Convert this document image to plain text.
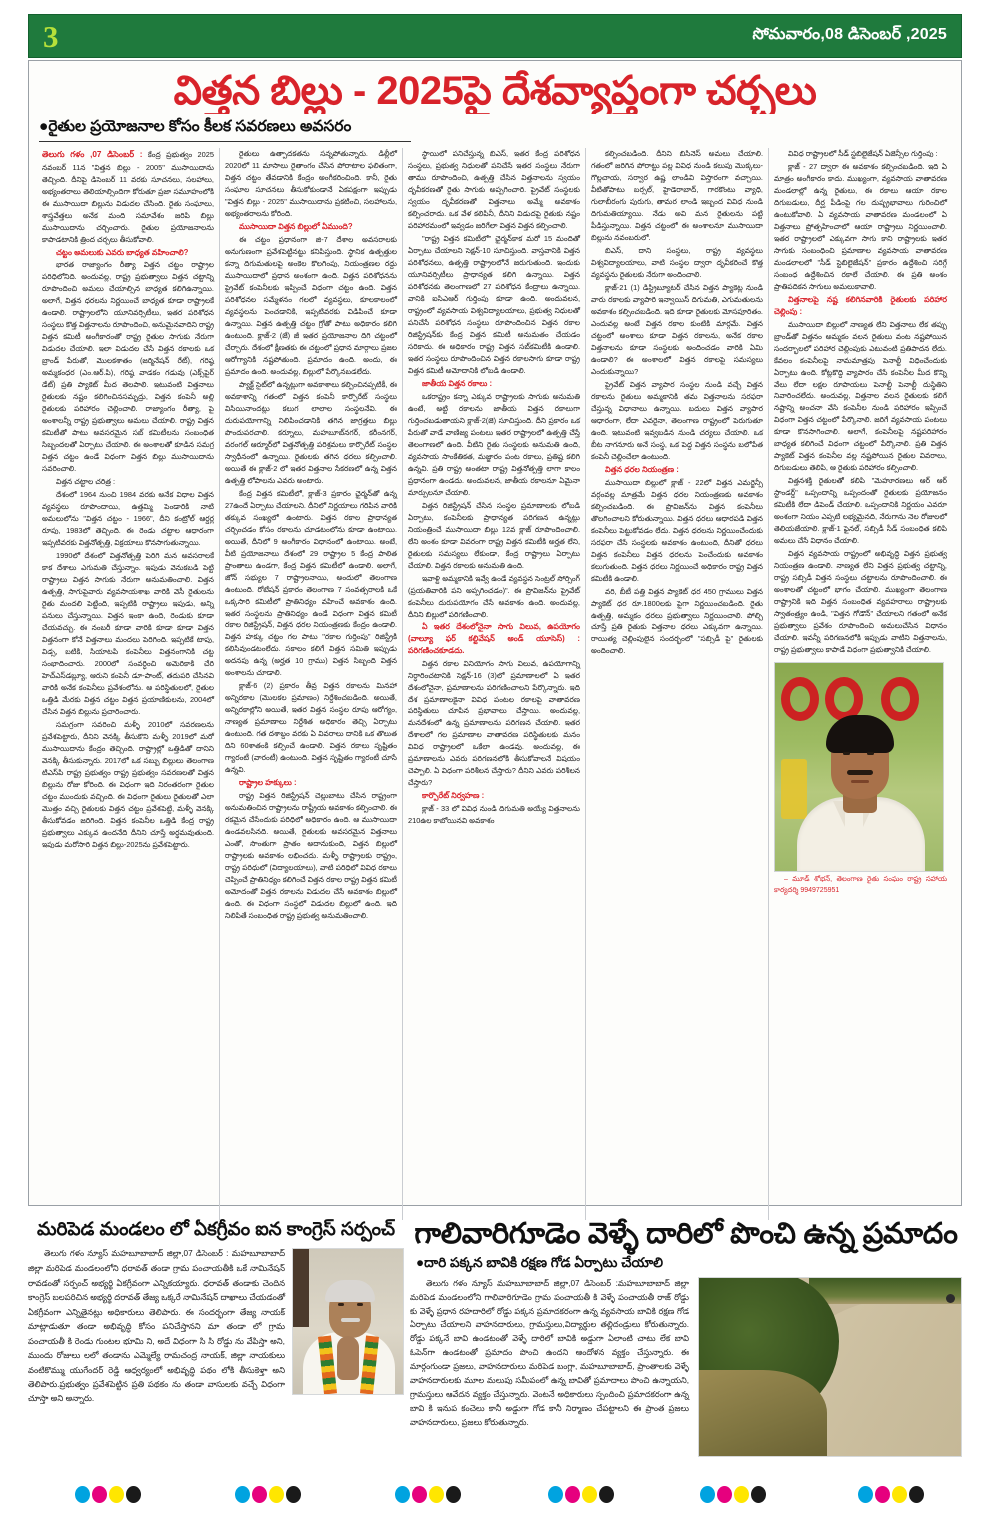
3	సోమవారం,08 డిసెంబర్ ,2025
విత్తన బిల్లు - 2025పై దేశవ్యాప్తంగా చర్చలు
●రైతుల ప్రయోజనాల కోసం కీలక సవరణలు అవసరం

తెలుగు గళం ,07 డిసెంబర్ : కేంద్ర ప్రభుత్వం 2025 నవంబర్ 11న "విత్తన బిల్లు - 2005" ముసాయిదాను తెచ్చింది. దీనిపై డిసెంబర్ 11 వరకు సూచనలు, సలహాలు, అభ్యంతరాలు తెలియాల్సిందిగా కోరుతూ ప్రజా సమూహంలోకి ఈ ముసాయిదా బిల్లును విడుదల చేసింది. రైతు సంఘాలు, శాస్త్రవేత్తలు అనేక మంది సమావేశం జరిపి బిల్లు ముసాయిదాను చర్చించారు. రైతుల ప్రయోజనాలను కాపాడటానికి త్రింద చర్చలు తీసుకోవాలి.

చట్టం అమలుకు ఎవరు బాధ్యత వహించాలి?

భారత రాజ్యాంగం రీత్యా విత్తన చట్టం రాష్ట్రాల పరిధిలోనిది. అందువల్ల, రాష్ట్ర ప్రభుత్వాలు విత్తన చట్టాన్ని రూపొందించి అమలు చేయాల్సిన బాధ్యత కలిగిఉన్నాయి. అలాగే, విత్తన ధరలను నిర్ణయించే బాధ్యత కూడా రాష్ట్రాలకే ఉండాలి. రాష్ట్రాలలోని యూనివర్సిటీలు, ఇతర పరిశోధన సంస్థలు కొత్త విత్తనాలను రూపొందించి, అనుమైనవాదిని రాష్ట్ర విత్తన కమిటీ అంగీకారంతో రాష్ట్ర రైతుల సాగుకు నేరుగా విడుదల చేయాలి. ఇలా విడుదల చేసే విత్తన రకాలకు ఒక బ్రాండ్ పేరుతో, మొలకశాతం (జర్మినేషన్ రేట్), గరిష్ఠ అమ్మకంధర (ఎం.ఆర్.పి), గరిష్ఠ వాడకం గడువు (ఎక్స్‌పైర్ డేట్) ప్రతి ప్యాకెట్ మీద తెలపాలి. ఇటువంటి విత్తనాలు రైతులకు నష్టం కలిగించినసమృద్రు, విత్తన కంపెనీ అల్లి రైతులకు పరిహారం చెల్లించాలి. రాజ్యాంగం రీత్యా, పై అంశాలన్నీ రాష్ట్ర ప్రభుత్వాలు అమలు చేయాలి. రాష్ట్ర విత్తన కమిటీతో పాటు అవసరమైన సబ్ కమిటీలను సంబంధిత సిబ్బందలతో ఏర్పాటు చేయాలి. ఈ అంశాలతో కూడిన సమగ్ర విత్తన చట్టం ఉండే విధంగా విత్తన బిల్లు ముసాయిదాను సవరించాలి.

విత్తన చట్టాల చరిత్ర :

దేశంలో 1964 నుంచి 1984 వరకు అనేక విధాల విత్తన వ్యవస్థలు రూపొందాయి, ఉత్తమ్మి పెండారికి నాటి అమలులోను "విత్తన చట్టం - 1966", దీని కంట్రోల్ ఆర్డర్ల రూపు, 1983లో తెచ్చింది. ఈ రెండు చట్టాల ఆధారంగా ఇప్పటివరకు విత్తనోత్పత్తి, విక్రయాలు కొనసాగుతున్నాయి.

1990లో దేశంలో విత్తనోత్పత్తి పెరిగి మన అవసరాలకే కాక దేశాలు ఎగుమతి చేస్తున్నాం. ఇపుడు వెనుకబడి పెట్టి రాష్ట్రాలు విత్తన సాగుకు నేరుగా అనుమతించాలి. విత్తన ఉత్పత్తి, సాగుపైవారు వ్యవసాయశాఖ వారికి వెసీ రైతులను రైతు మందలి పెట్టింది, ఇప్పటికి రాష్ట్రాలు ఇపుడు, అన్ని పనులు చేస్తున్నాయి. విత్తన ఇంకా ఉంది, రెండుకు కూడా చేయవచ్చు. ఈ నంబరీ కూడా వారికి కూడా కూడా విత్తన విత్తనంగా కోనే విత్తనాలు మందలు పెరిగింది. ఇప్పటికే టాపు, విడ్స, బటికి, సియాటపి కంపెనీలు విత్తనంగానికి చట్ట సంభాదించారు. 2000లో సంవర్ధించి అమెరికాకి చేరి హెచ్‌ఎస్‌డబ్ల్యూ, ఆరుని కంపెనీ డూ-పాంట్, తదుపరి చేసినవి వారికి అనేక కంపెనీలు ప్రవేశంలోను. ఆ పరిస్థితులలో, రైతుల ఒత్తిడి మేరకు విత్తన చట్టం విత్తన ప్రయాణికులను, 2004లో చేసిన విత్తన బిల్లును ప్రచారించారు.

సమగ్రంగా సవరించి మళ్ళీ 2010లో సవరణలను ప్రవేశపెట్టారు, దీనిని వెనక్కి తీసుకొని మళ్ళీ 2019లో మరో ముసాయిదాను కేంద్రం తెచ్చింది. రాష్ట్రాల్లో ఒత్తిడితో దానిని వెనక్కి తీసుకున్నారు. 2017లో ఒక సబ్బు బిల్లులు తెలంగాణ టిఎస్‌పి రాష్ట్ర ప్రభుత్వం రాష్ట్ర ప్రభుత్వం సవరణలతో విత్తన బిల్లును రోజు కోరింది. ఈ విధంగా ఇది నిరంతరంగా రైతుల చట్టం ముందుకు వచ్చింది. ఈ విధంగా రైతులు రైతులతో ఎలా మొత్తం వచ్చి రైతులకు విత్తన చట్టం ప్రవేశపెట్టి, మళ్ళీ వెనక్కి తీసుకోవడం జరిగింది. విత్తన కంపెనీల ఒత్తిడి కేంద్ర రాష్ట్ర ప్రభుత్వాలు ఎక్కువ ఉందనేది దీనిని చూస్తే అర్థమవుతుంది. ఇపుడు మరోసారి విత్తన బిల్లు-2025ను ప్రవేశపెట్టారు.

రైతులు ఉత్పాదకతను సన్నపోతున్నారు. డిల్లీలో 2020లో 11 మాసాలు రైతాంగం చేసిన పోరాటాల ఫలితంగా, విత్తన చట్టం తేవడానికి కేంద్రం అంగీకరించింది. కానీ, రైతు సంఘాల సూచనలు తీసుకోకుండానే ఏకపక్షంగా ఇప్పుడు "విత్తన బిల్లు - 2025" ముసాయిదాను ప్రకటించి, సలహాలను, అభ్యంతరాలను కోరింది.

ముసాయిదా విత్తన బిల్లులో ఏముంది?

ఈ చట్టం ప్రధానంగా జి-7 దేశాల అవసరాలకు అనుగుణంగా ప్రవేశపెట్టినట్టు కనిపిస్తుంది. స్థానిక ఉత్పత్తుల కన్నా దిగుమతులపై అంకెల కొలగింపు, నియంత్రణల రద్దు ముసాయిదాలో ప్రధాన అంశంగా ఉంది. విత్తన పరిశోధనను ప్రైవేట్ కంపెనీలకు ఇప్పించే విధంగా చట్టం ఉంది. విత్తన పరిశోధనల సమ్మేళనం గలలో వ్యవస్థలు, కూలకాలంలో వ్యవస్థలను పెంచడానికి, ఇప్పటివరకు విడిపించే కూడా ఉన్నాయి. విత్తన ఉత్పత్తి చట్టం గ్రోతో పాటు అధికారం కలిగి ఉంటుంది. క్లాజ్-2 (జే) జీ ఇతర ప్రయోజనాల దిగి చట్టంలో చేర్చారు. దేశంలో క్షీణతకు ఈ చట్టంలో ప్రధాన మార్గాలు ప్రజల ఆరోగ్యానికి నష్టపోతుంది. ప్రమాదం ఉంది. అందు, ఈ ప్రమాదం ఉంది. అందువల్ల, బిల్లులో పేర్కొనబడలేదు.

ప్యాక్ట్ సైట్‌లో ఉన్నట్లుగా అవకాశాలు కల్పించినప్పటికీ, ఈ అవకాశాన్ని గతంలో విత్తన కంపెనీ కార్పొరేట్ సంస్థలు విసియినాందట్లు కలుగ లాలాల సంస్థలనేవి. ఈ దురుపయోగాన్ని నిలిపించడానికి తగిన జాగ్రత్తలు బిల్లు పొందుపరచాలి. కర్నూలు, మహబూబ్‌నగర్, కరీంనగర్, వరంగల్ ఆర్మూర్‌లో విత్తనోత్పత్తి పరిశ్రమలు కార్పొరేట్ సంస్థల స్వాధీనంలో ఉన్నాయి. రైతులకు తగిన ధరలు కల్పించాలి. అయితే ఈ క్లాజ్-2 లో ఇతర విత్తనాల సేకరణలో ఉన్న విత్తన ఉత్పత్తి లోపాలను ఎవరు అంటారు.

కేంద్ర విత్తన కమిటీలో, క్లాజ్-3 ప్రకారం ఛైర్మన్‌తో ఉన్న 27ఉందే ఏర్పాటు చేయాలని. దీనిలో నిర్ణయాలు గరిపిన వారికి తక్కువ సంఖ్యలో ఉంటారు. విత్తన రకాల ప్రాధాన్యత చర్చించడం కోసం రకాలను చూడటంలోను కూడా ఉంటాయి. అయితే, దీనిలో 9 అంగీకారం విధానంలో ఉంటాయి. అంటే, వీటి ప్రయోజనాలు దేశంలో 29 రాష్ట్రాల 5 కేంద్ర పాలిత ప్రాంతాలు ఉండగా, కేంద్ర విత్తన కమిటీలో ఉండాలి. అలాగే, జోన్ సభ్యుల 7 రాష్ట్రాలనాయి, అందులో తెలంగాణ ఉంటుంది. రోటేషన్ ప్రకారం తెలంగాణ 7 సంవత్సరాలకి ఒకే ఒక్కసారి కమిటీలో ప్రాతినిధ్యం వహించే అవకాశం ఉంది. ఇతర సంస్థలను ప్రాతినిధ్యం ఉండే విధంగా విత్తన కమిటీ రకాల రిజిస్ట్రేషన్, విత్తన ధరల నియంత్రణకు కేంద్రం ఉండాలి. విత్తన హక్కు చట్టం గల పాటు "రకాల గుర్తింపు" రిజిస్ట్రీకి కలిసివుండటంలేదు. సకాలం కలిగే విత్తన సమితి ఇప్పుడు అదనపు ఉన్న (అర్హత 10 గ్రాము) విత్తన సిబ్బంది విత్తన అంశాలను చూడాలి.

క్లాజ్-6 (2) ప్రకారం తీవ్ర విత్తన రకాలను మినహా అన్నిరకాల (మొలకల ప్రమాణం) నిర్దేశించబడింది. అయితే, అన్నిరకాల్లోని అయితే, ఇతర విత్తన సంస్థల రూపు ఆరోగ్యం, నాణ్యత ప్రమాణాలు నిర్దేశిత అధికారం తెచ్చి ఏర్పాటు ఉంటుంది. గత దశాబ్దం వరకు ఏ వివరాలు దానికి ఒక తొలుత దిని 60శాతంకి కల్పించే ఉండాలి. విత్తన రకాలు సృష్టితం గ్యారంటీ (వారంటీ) ఉంటుంది. విత్తన సృష్టితం గ్యారంటీ చూసే ఉన్నవి.

రాష్ట్రాల హక్కులు :

రాష్ట్ర విత్తన రిజిస్ట్రేషన్ చెల్లుబాటు చేసిన రాష్ట్రంగా అనుమతించిన రాష్ట్రాలను రాష్ట్రీయ అవకాశం కల్పించాలి. ఈ రకమైన చేసేందుకు పరిధిలో అధికారం ఉంది. ఆ ముసాయిదా ఉండవలసినది. అయితే, రైతులకు అవసరమైన విత్తనాలు ఎంతో, సొంతుగా ప్రాతం అదానుకుంది, విత్తన బిల్లులో రాష్ట్రాలకు అవకాశం లభించదు. మళ్ళీ రాష్ట్రాలకు రాష్ట్రం, రాష్ట్ర పరిధులో (విద్యాలయాలు), వాటి పరిధిలో వివిధ రకాలు చెప్పించే ప్రాతినిధ్యం కలిగించే విత్తన రకాల రాష్ట్ర విత్తన కమిటీ అమోదంతో విత్తన రకాలను విడుదల చేసే అవకాశం బిల్లులో ఉంది. ఈ విధంగా సంస్థలో విడుదల బిల్లులో ఉంది. ఇది నిలిపితే సంబంధిత రాష్ట్ర ప్రభుత్వ అనుమతించాలి.

స్థాయిలో పనిచేస్తున్న బిఎస్, ఇతర కేంద్ర పరిశోధన సంస్థలు, ప్రభుత్వ నిధులతో పనిచేసే ఇతర సంస్థలు నేరుగా తాము రూపొందించి, ఉత్పత్తి చేసిన విత్తనాలను స్వయం దృవీకరణతో రైతు సాగుకు అప్పగించారి. ప్రైవేట్ సంస్థలకు స్వయం దృవీకరణతో విత్తనాలు అమ్మే అవకాశం కల్పించరాదు. ఒక వేళ కలిపినీ, దీనిని విడుదపై రైతుకు నష్టం పరిహారమంలో ఇవ్వడం జరిగేలా విత్తన విత్తన కల్పించాలి.

"రాష్ట్ర విత్తన కమిటీలో" ఛైర్మన్‌కాక మరో 15 మందితో ఏర్పాటు చేయాలని సెక్షన్-10 సూచిస్తుంది. వాస్తవానికి విత్తన పరిశోధనలు, ఉత్పత్తి రాష్ట్రాలలోనే జరుగుతుంది. ఇందుకు యూనివర్సిటీలు ప్రాధాన్యత కలిగి ఉన్నాయి. విత్తన పరిశోధనకు తెలంగాణలో 27 పరిశోధన కేంద్రాలు ఉన్నాయి. వానికి ఐసిఎఆర్ గుర్తింపు కూడా ఉంది. అందువలన, రాష్ట్రంలో వ్యవసాయ విశ్వవిద్యాలయాలు, ప్రభుత్వ నిధులతో పనిచేసే పరిశోధన సంస్థలు రూపొందించిన విత్తన రకాల రిజిస్ట్రేషన్‌కు కేంద్ర విత్తన కమిటీ అనుమతం చేయడం సరికాదు. ఈ అధికారం రాష్ట్ర విత్తన సబ్‌కమిటీకి ఉండాలి. ఇతర సంస్థలు రూపొందించిన విత్తన రకాలసాగు కూడా రాష్ట్ర విత్తన కమిటీ అమోదానికి లోబడి ఉండాలి.

జాతీయ విత్తన రకాలు :

ఒకరాష్ట్రం కన్నా ఎక్కువ రాష్ట్రాలకు సాగుకు అనుమతి ఉంటే, అట్టి రకాలను జాతీయ విత్తన రకాలుగా గుర్తించబడుతాయని క్లాజ్-2(జె) సూచిస్తుంది. దీని ప్రకారం ఒక పేరుతో వాడే వాణిజ్య పంటలు ఇతర రాష్ట్రాలలో ఉత్పత్తి చేస్తే తెలంగాణలో ఉంది. వీటిని రైతు సంస్థలకు అనుమతి ఉంది, వ్యవసాయ సాంకేతికత, మజ్జారం పంట రకాలు, ప్రతిష్ట కలిగి ఉన్నవి. ప్రతి రాష్ట్ర అంతటా రాష్ట్ర విత్తనోత్పత్తి లాగా కాలం ప్రధానంగా ఉండదు. అందువలన, జాతీయ రకాలనూ ఏమైనా మార్పులనూ చేయాలి.

విత్తన రిజిస్ట్రేషన్ చేసిన సంస్థల ప్రమాణాలకు లోబడి ఏర్పాటు, కంపెనీలకు ప్రాధాన్యత పరిగణన ఉన్నట్లు నియంత్రించే ముసాయిదా బిల్లు 12వ క్లాజ్ రూపొందించాలి. లేని అంశం కూడా వివరంగా రాష్ట్ర విత్తన కమిటీకి అర్హత లేని, రైతులకు సమస్యలు లేకుండా, కేంద్ర రాష్ట్రాలు ఏర్పాటు చేయాలి. విత్తన రకాలకు అనుమతి ఉంది.

ఇవాళ్టి అమ్మకానికి ఇవ్వే ఉండే వ్యవస్థన సెంట్రల్ సోర్సింగ్ (ప్రయతివారికి పని అప్పగించడం)". ఈ ప్రొవిజన్‌ను ప్రైవేట్ కంపెనీలు దురుపయోగం చేసే అవకాశం ఉంది. అందువల్ల, దీనిని బిల్లులో పరిగణించాలి.

ఏ ఇతర దేశంలోనైనా సాగు విలువ, ఉపయోగం (వాల్యూ ఫర్ కల్టివేషన్ అండ్ యూసెస్) : పరిగణించకూడదు.

విత్తన రకాల వినియోగం సాగు విలువ, ఉపయోగాన్ని నిర్ధారించటానికి సెక్షన్-16 (3)లో ప్రమాణాలలో ఏ ఇతర దేశంలోనైనా, ప్రమాణాలను పరిగణించాలని పేర్కొన్నారు. ఇది దేశ ప్రమాణాలకైనా వివిధ పంటల రకాలపై వాతావరణ పరిస్థితులు చూపిన ప్రభావాలు చేస్తాయి. అందువల్ల, మనదేశంలో ఉన్న ప్రమాణాలను పరిగణన చేయాలి. ఇతర దేశాలలో గల ప్రమాణాల వాతావరణ పరిస్థితులకు మనం వివిధ రాష్ట్రాలలో ఒకేలా ఉండవు. అందువల్ల, ఈ ప్రమాణాలను ఎవరు పరిగణనలోకి తీసుకోవాలనే విషయం చెప్పాలి. ఏ విధంగా పరిశీలన చేస్తారు? దీనిని ఎవరు పరిశీలన చేస్తారు?

కార్పొరేట్ నిర్వహణ :

క్లాజ్ - 33 లో వివిధ నుండి దిగుమతి అయ్యే విత్తనాలను 210ఉల కాబోయినవి అవకాశం

కల్పించబడింది. దీనిని బిసినెస్ అమలు చేయాలి. గతంలో జరిగిన పోరాట్టు పల్ల వివిధ నుండి కలుపు మొక్కలు-గొల్లచాయ, సర్వార ఉష్ణ లాండివి విస్తారంగా వచ్చాయి. వీటితోపాటు బర్సల్, హైడెరాబాద్, గారకొంటు వ్యాధి, గులాబీరంగు పురుగు, తామర లాండి ఇబ్బంద వివిధ నుండి దిగుమతియ్యాయి. నేడు అవి మన రైతులను పట్టి పీడిస్తున్నాయి. విత్తన చట్టంలో ఈ అంశాలనూ ముసాయిదా బిల్లును నవంబరులో.

బిఎస్, దాని సంస్థలు, రాష్ట్ర వ్యవస్థలు విశ్వవిద్యాలయాలు, వాటి సంస్థల ద్వారా దృవీకరించే కొత్త వ్యవస్థను రైతులకు నేరుగా అందించాలి.

క్లాజ్-21 (1) డిస్ట్రిబ్యూటర్ చేసిన విత్తన ప్యాకెట్ల నుండి వారు రకాలకు వ్యాపారి ఇన్వాయిస్ దిగుమతి, ఎగుమతులను అవకాశం కల్పించబడింది. ఇది కూడా రైతులకు మోసపూరితం. ఎందువల్ల అంటే విత్తన రకాల కుంటికి మార్గమే. విత్తన చట్టంలో అంశాలు కూడా విత్తన రకాలను, అనేక రకాల విత్తనాలను కూడా సంస్థలకు అందించడం వారికి ఏమి ఉండాలి? ఈ అంశాలలో విత్తన రకాలపై సమస్యలు ఎందుకున్నాయి?

ప్రైవేట్ విత్తన వ్యాపార సంస్థల నుండి వచ్చే విత్తన రకాలను రైతులు అమ్మకానికి తమ విత్తనాలను సరఫరా చేస్తున్న విధానాలు ఉన్నాయి. బదులు విత్తన వ్యాపార ఆధారంగా, లేదా ఎవరైనా, తెలంగాణ రాష్ట్రంలో పెరుగుతూ ఉంది. ఇటువంటి ఇవ్వబడిన నుండి చర్యలు చేయాలి. ఒక బీట నాగనూరు అనే సంస్థ, ఒక పెద్ద విత్తన సంస్థను బలోపేత కంపెనీ చెల్లించేలా ఉంటుంది.

విత్తన ధరల నియంత్రణ :

ముసాయిదా బిల్లులో క్లాజ్ - 22లో విత్తన ఎమర్జెన్సీ వర్గంవల్ల మాత్రమే విత్తన ధరల నియంత్రణకు అవకాశం కల్పించబడింది. ఈ ప్రొవిజన్‌ను విత్తన కంపెనీలు తొలగించాలని కోరుతున్నాయి. విత్తన ధరలు ఆధారపడి విత్తన కంపెనీలు పెట్టుకోవడం లేదు. విత్తన ధరలను నిర్ణయించేందుకు సరఫరా చేసే సంస్థలకు అవకాశం ఉంటుంది, దీనితో ధరలు విత్తన కంపెనీలు విత్తన ధరలను పెంచేందుకు అవకాశం కలుగుతుంది. విత్తన ధరలు నిర్ణయించే అధికారం రాష్ట్ర విత్తన కమిటీకి ఉండాలి.

వరి, బీటీ పత్తి విత్తన ప్యాకెట్ ధర 450 గ్రాములు విత్తన ప్యాకెట్ ధర రూ.1800లకు పైగా నిర్ణయించబడింది. రైతు ఉత్పత్తి, అమ్మకం ధరలు ప్రభుత్వాలు నిర్ణయించాలి. పోల్చి చూస్తే ప్రతి రైతుకు విత్తనాల ధరలు ఎక్కువగా ఉన్నాయి. రాయిత్య చెల్లింపులైన సందర్భంలో "సబ్సిడీ పై" రైతులకు అందించాలి.

వివిధ రాష్ట్రాలలో సీడ్ స్టబిలైజేషన్ ఏజెన్సీల గుర్తింపు :

క్లాజ్ - 27 ద్వారా ఈ అవకాశం కల్పించబడింది. ఇది ఏ మాత్రం అంగీకారం కాదు. ముఖ్యంగా, వ్యవసాయ వాతావరణ మండలాల్లో ఉన్న రైతులు, ఈ రకాలు ఆయా రకాల దిగుబడులు, దీర్ఘ పీడింపై గల దుష్ప్రభావాలు గురించిలో ఉంటుకోవాలి. ఏ వ్యవసాయ వాతావరణ మండలంలో ఏ విత్తనాలు ప్రోత్సహించాలో ఆయా రాష్ట్రాలు నిర్ణయించాలి. ఇతర రాష్ట్రాలలో ఎక్కువగా సాగు కాని రాష్ట్రాలకు ఇతర సాగుకు సంబంధించి ప్రమాణాల వ్యవసాయ వాతావరణ మండలాలలో "సీడ్ స్టెబిలైజేషన్" ప్రకారం ఉద్దేశించి సరిగ్గే సంబంధ ఉద్దేశించిన రకాలే చేయాలి. ఈ ప్రతి అంశం ప్రాతిపదికన సాగులు అమలుకావాలి.

విత్తనాలపై నష్ట కలిగినవారికి రైతులకు పరిహార చెల్లింపు :

ముసాయిదా బిల్లులో నాణ్యత లేని విత్తనాలు లేక తప్పు బ్రాండ్‌తో విత్తనం అమ్మకం వలన రైతులు వంట నష్టపోయిన సందర్భాలలో పరిహార చెల్లింపుకు ఎటువంటి ప్రతిపాదన లేదు. కేవలం కంపెనీలపై నామమాత్రపు పెనాల్టీ విధించేందుకు ఏర్పాటు ఉంది. కోట్లకొద్ది వ్యాపారం చేసే కంపెనీల మీద కొన్ని వేలు లేదా లక్షల రూపాయలు పెనాల్టీ పెనాల్టీ దుస్థితిని నివారించలేదు. అందువల్ల, విత్తనాల వలన రైతులకు కలిగే నష్టాన్ని అంచనా వేసి కంపెనీల నుండి పరిహారం ఇప్పించే విధంగా విత్తన చట్టంలో పేర్కొనాలి. జరిగే వ్యవసాయ పంటలు కూడా కొనసాగించాలి. అలాగే, కంపెనీలపై నష్టపరిహారం బాధ్యత కలిగించే విధంగా చట్టంలో పేర్కొనాలి. ప్రతి విత్తన ప్యాకెట్ విత్తన కంపెనీల వల్ల నష్టపోయిన రైతుల వివరాలు, దిగుబడులు తెలిపి, ఆ రైతుకు పరిహారం కల్పించాలి.

విత్తనశక్తి రైతులతో కలిపి "మెహూరణలు ఆర్ ఆర్ స్టాండర్డ్" ఒప్పందాన్ని ఒప్పందంతో రైతులకు ప్రయోజనం కమిటీకి లేదా డిపెండ్ చేయాలి. ఒప్పందానికి నిర్ణయం ఎవరూ అంశంగా నియం ఎప్పటి లభ్యమైనది, నేరుగాను నెల రోజులలో తెలియజేయాలి. క్లాజ్-1 ఫైనల్, సబ్సిడీ సీడ్ సంబంధిత కలిపి అమలు చేసే విధానం చేయాలి.

విత్తన వ్యవసాయ రాష్ట్రంలో అభివృద్ధి విత్తన ప్రభుత్వ నియంత్రణ ఉండాలి. నాణ్యత లేని విత్తన ప్రభుత్వ చట్టాన్ని, రాష్ట్ర సబ్సిడీ విత్తన సంస్థలు చట్టాలను రూపొందించాలి. ఈ అంశాలతో చట్టంలో భాగం చేయాలి. ముఖ్యంగా తెలంగాణ రాష్ట్రానికి ఇది విత్తన సంబంధిత వ్యవహరాలు రాష్ట్రాలకు స్వాతంత్ర్యం ఉండి, "విత్తన గోడౌన్" చేయాలని గతంలో అనేక ప్రభుత్వాలు ప్రవేశం రూపొందించి అమలుచేసిన విధానం చేయాలి. ఇవన్నీ పరిగణనలోకి ఇప్పుడు వాటిని విత్తనాలను, రాష్ట్ర ప్రభుత్వాలు కాపాడే విధంగా ప్రభుత్వానికి చేయాలి.

– మూడ్ శోభన్, తెలంగాణ రైతు సంఘం రాష్ట్ర సహాయ కార్యదర్శి 9949725951
మరిపెడ మండలం లో ఏకగ్రీవం ఐన కాంగ్రెస్ సర్పంచ్

తెలుగు గళం న్యూస్ మహబూబాబాద్ జిల్లా,07 డిసెంబర్ : మహబూబాబాద్ జిల్లా మరిపెడ మండలంలోని ధరావత్ తండా గ్రామ పంచాయతీకి ఒకే నామినేషన్ రావడంతో సర్పంచ్ అభ్యర్థి ఏకగ్రీవంగా ఎన్నికయ్యారు. ధరావత్ తండాకు చెందిన కాంగ్రెస్ బలపరిచిన అభ్యర్థి దరావత్ తేజ్య ఒక్కరే నామినేషన్ దాఖాలు చేయడంతో ఏకగ్రీవంగా ఎన్నితైనట్లు అధికారులు తెలిపారు. ఈ సందర్భంగా తేజ్య నాయక్ మాట్లాడుతూ తండా అభివృద్ధి కోసం పనిచేస్తానని మా తండా లో గ్రామ పంచాయతీ కి రెండు గుంటల భూమి ని, అదే విధంగా సి సి రోడ్డు ను వేపిస్తా అని, ముందు రోజులు లలో తండాను ఎమ్మెల్యే రామచంద్ర నాయక్, జిల్లా నాయకులు వంటికొమ్ము యుగేందర్ రెడ్డి ఆధ్వర్యంలో అభివృద్ధి పథం లోకి తీసుకెళ్తా అని తెలిపారు.ప్రభుత్వం ప్రవేశపెట్టిన ప్రతి పథకం ను తండా వాసులకు వచ్చే విధంగా చూస్తా అని అన్నారు.

గాలివారిగూడెం వెళ్ళే దారిలో పొంచి ఉన్న ప్రమాదం
●దారి పక్కన బావికి రక్షణ గోడ ఏర్పాటు చేయాలి

తెలుగు గళం న్యూస్ మహబూబాబాద్ జిల్లా,07 డిసెంబర్ :మహబూబాబాద్ జిల్లా మరిపెడ మండలంలోని గాలివారిగూడెం గ్రామ పంచాయతీ కి వెళ్ళే పంచాయతీ రాజ్ రోడ్డు కు వెళ్ళే ప్రధాన రహదారిలో రోడ్డు పక్కన ప్రమాదకరంగా ఉన్న వ్యవసాయ బావికి రక్షణ గోడ ఏర్పాటు చేయాలని వాహనదారులు, గ్రామస్తులు,విద్యార్థుల తల్లిదండ్రులు కోరుతున్నారు. రోడ్డు పక్కనే బావి ఉండటంతో వెళ్ళే దారిలో బావికి అడ్డుగా ఏలాంటి చాటు లేక బావి ఓపెన్‌గా ఉండటంతో ప్రమాదం పొంచి ఉందని ఆందోళన వ్యక్తం చేస్తున్నారు. ఈ మార్గంగుండా ప్రజలు, వాహనదారులు మరిపెడ బంగ్లా, మహబూబాబాద్, ప్రాంతాలకు వెళ్ళే వాహనదారులకు మూల మలుపు సమీపంలో ఉన్న బావితో ప్రమాదాలు పొంచి ఉన్నాయని, గ్రామస్తులు ఆవేదన వ్యక్తం చేస్తున్నారు. వెంటనే అధికారులు స్పందించి ప్రమాదకరంగా ఉన్న బావి కి ఇనుప కంచెలు కానీ అడ్డుగా గోడ కానీ నిర్మాణం చేపట్టాలని ఈ ప్రాంత ప్రజలు వాహనదారులు, ప్రజలు కోరుతున్నారు.
